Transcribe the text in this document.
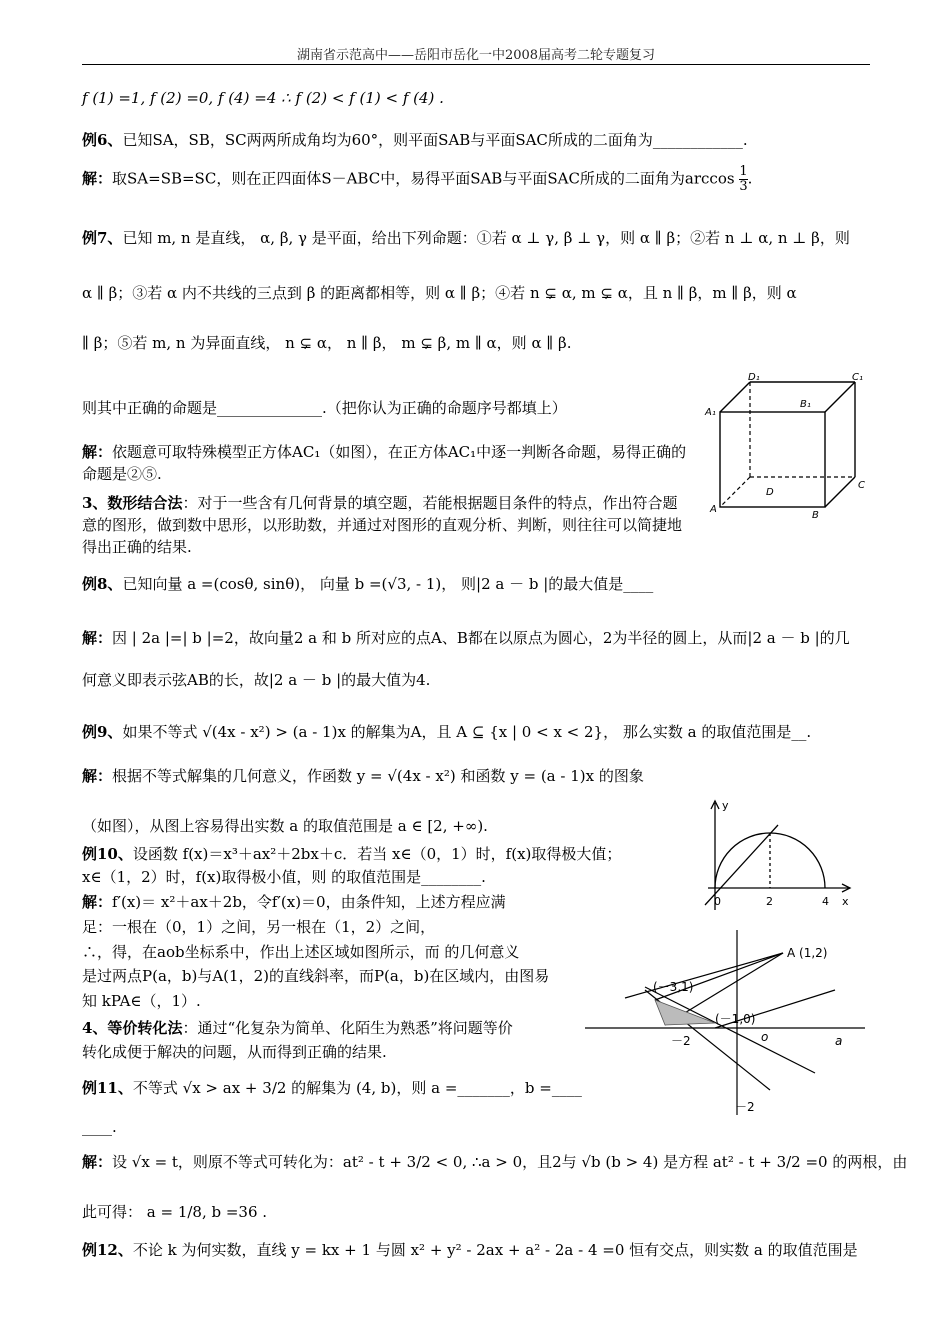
湖南省示范高中——岳阳市岳化一中2008届高考二轮专题复习
f (1) =1, f (2) =0, f (4) =4 ∴ f (2) < f (1) < f (4) .
例6、已知SA，SB，SC两两所成角均为60°，则平面SAB与平面SAC所成的二面角为____________.
解：取SA=SB=SC，则在正四面体S－ABC中，易得平面SAB与平面SAC所成的二面角为$\arccos \frac{1}{3}$ .
例7、已知 m, n 是直线， α, β, γ 是平面，给出下列命题：①若 α ⊥ γ, β ⊥ γ，则 α ∥ β；②若 n ⊥ α, n ⊥ β，则
α ∥ β；③若 α 内不共线的三点到 β 的距离都相等，则 α ∥ β；④若 n ⊊ α, m ⊊ α，且 n ∥ β，m ∥ β，则 α
∥ β；⑤若 m, n 为异面直线， n ⊊ α， n ∥ β， m ⊊ β, m ∥ α，则 α ∥ β.
则其中正确的命题是______________.（把你认为正确的命题序号都填上）
解：依题意可取特殊模型正方体AC₁（如图），在正方体AC₁中逐一判断各命题，易得正确的命题是②⑤.
3、数形结合法：对于一些含有几何背景的填空题，若能根据题目条件的特点，作出符合题意的图形，做到数中思形，以形助数，并通过对图形的直观分析、判断，则往往可以简捷地得出正确的结果.
D₁	C₁
A₁
B₁
D
C
A
B
例8、已知向量 a =(cosθ, sinθ)， 向量 b =(√3, - 1)， 则|2 a － b |的最大值是____
解：因 | 2a |=| b |=2，故向量2 a 和 b 所对应的点A、B都在以原点为圆心，2为半径的圆上，从而|2 a － b |的几
何意义即表示弦AB的长，故|2 a － b |的最大值为4.
例9、如果不等式 √(4x - x²) > (a - 1)x 的解集为A，且 A ⊆ {x | 0 < x < 2}， 那么实数 a 的取值范围是__.
解：根据不等式解集的几何意义，作函数 y = √(4x - x²) 和函数 y = (a - 1)x 的图象
（如图），从图上容易得出实数 a 的取值范围是 a ∈ [2, +∞).
y
0	2	4 x
例10、设函数 f(x)＝x³＋ax²＋2bx＋c．若当 x∈（0，1）时，f(x)取得极大值；
x∈（1，2）时，f(x)取得极小值，则 的取值范围是________.
解：f′(x)＝ x²＋ax＋2b，令f′(x)＝0，由条件知，上述方程应满
足：一根在（0，1）之间，另一根在（1，2）之间，
∴，得，在aob坐标系中，作出上述区域如图所示，而 的几何意义
是过两点P(a，b)与A(1，2)的直线斜率，而P(a，b)在区域内，由图易
知 kPA∈（，1）.
4、等价转化法：通过“化复杂为简单、化陌生为熟悉”将问题等价
转化成便于解决的问题，从而得到正确的结果.
A (1,2)
(－3,1)
(－1,0)
－2	o	a
－2
例11、不等式 √x > ax + 3/2 的解集为 (4, b)，则 a =_______，b =____
____.
解：设 √x = t，则原不等式可转化为：at² - t + 3/2 < 0, ∴a > 0，且2与 √b (b > 4) 是方程 at² - t + 3/2 =0 的两根，由
此可得： a = 1/8, b =36 .
例12、不论 k 为何实数，直线 y = kx + 1 与圆 x² + y² - 2ax + a² - 2a - 4 =0 恒有交点，则实数 a 的取值范围是
